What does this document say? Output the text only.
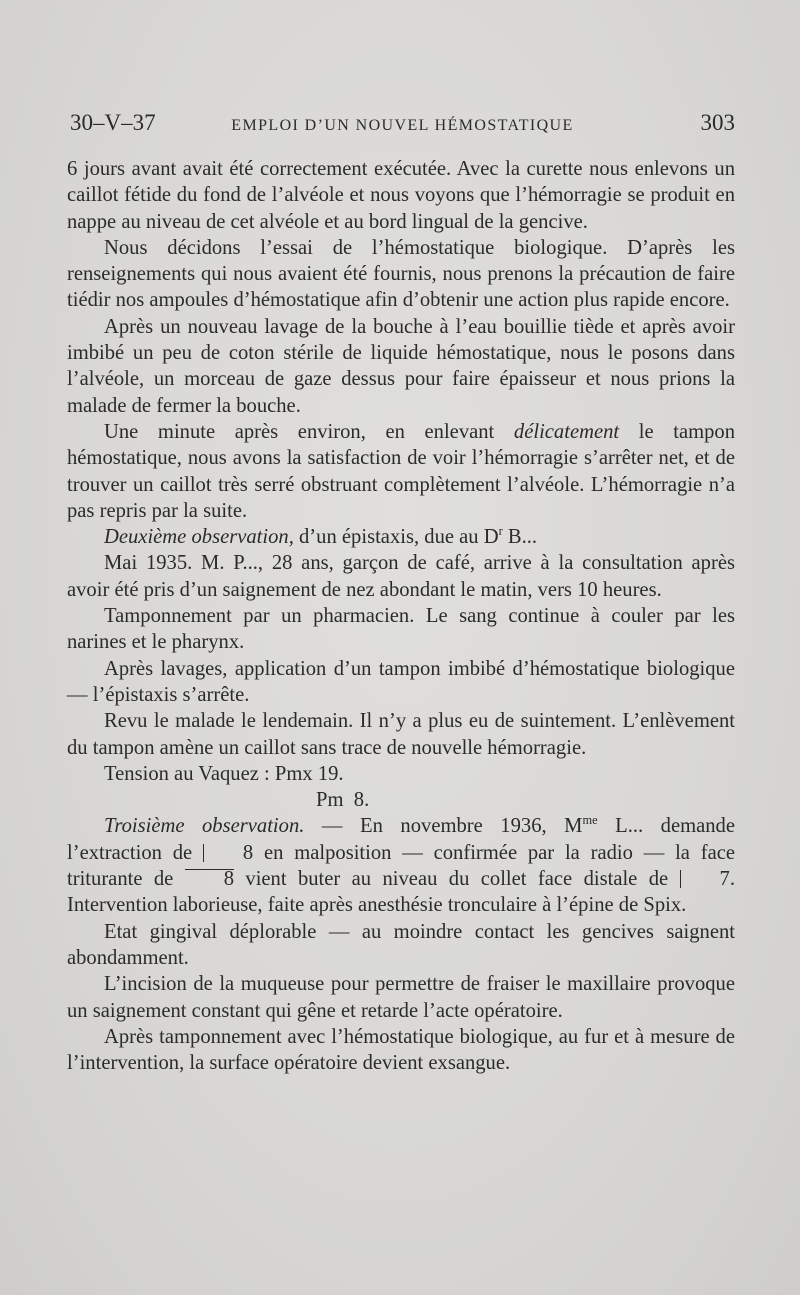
30–V–37	EMPLOI D’UN NOUVEL HÉMOSTATIQUE	303

6 jours avant avait été correctement exécutée. Avec la curette nous enlevons un caillot fétide du fond de l’alvéole et nous voyons que l’hémorragie se produit en nappe au niveau de cet alvéole et au bord lingual de la gencive.

Nous décidons l’essai de l’hémostatique biologique. D’après les renseignements qui nous avaient été fournis, nous prenons la précaution de faire tiédir nos ampoules d’hémostatique afin d’obtenir une action plus rapide encore.

Après un nouveau lavage de la bouche à l’eau bouillie tiède et après avoir imbibé un peu de coton stérile de liquide hémostatique, nous le posons dans l’alvéole, un morceau de gaze dessus pour faire épaisseur et nous prions la malade de fermer la bouche.

Une minute après environ, en enlevant délicatement le tampon hémostatique, nous avons la satisfaction de voir l’hémorragie s’arrêter net, et de trouver un caillot très serré obstruant complètement l’alvéole. L’hémorragie n’a pas repris par la suite.

Deuxième observation, d’un épistaxis, due au $D^r$ B...

Mai 1935. M. P..., 28 ans, garçon de café, arrive à la consultation après avoir été pris d’un saignement de nez abondant le matin, vers 10 heures.

Tamponnement par un pharmacien. Le sang continue à couler par les narines et le pharynx.

Après lavages, application d’un tampon imbibé d’hémostatique biologique — l’épistaxis s’arrête.

Revu le malade le lendemain. Il n’y a plus eu de suintement. L’enlèvement du tampon amène un caillot sans trace de nouvelle hémorragie.

Tension au Vaquez : Pmx 19.

Pm  8.

Troisième observation. — En novembre 1936, $M^{me}$ L... demande l’extraction de 8 en malposition — confirmée par la radio — la face triturante de 8 vient buter au niveau du collet face distale de 7. Intervention laborieuse, faite après anesthésie tronculaire à l’épine de Spix.

Etat gingival déplorable — au moindre contact les gencives saignent abondamment.

L’incision de la muqueuse pour permettre de fraiser le maxillaire provoque un saignement constant qui gêne et retarde l’acte opératoire.

Après tamponnement avec l’hémostatique biologique, au fur et à mesure de l’intervention, la surface opératoire devient exsangue.
